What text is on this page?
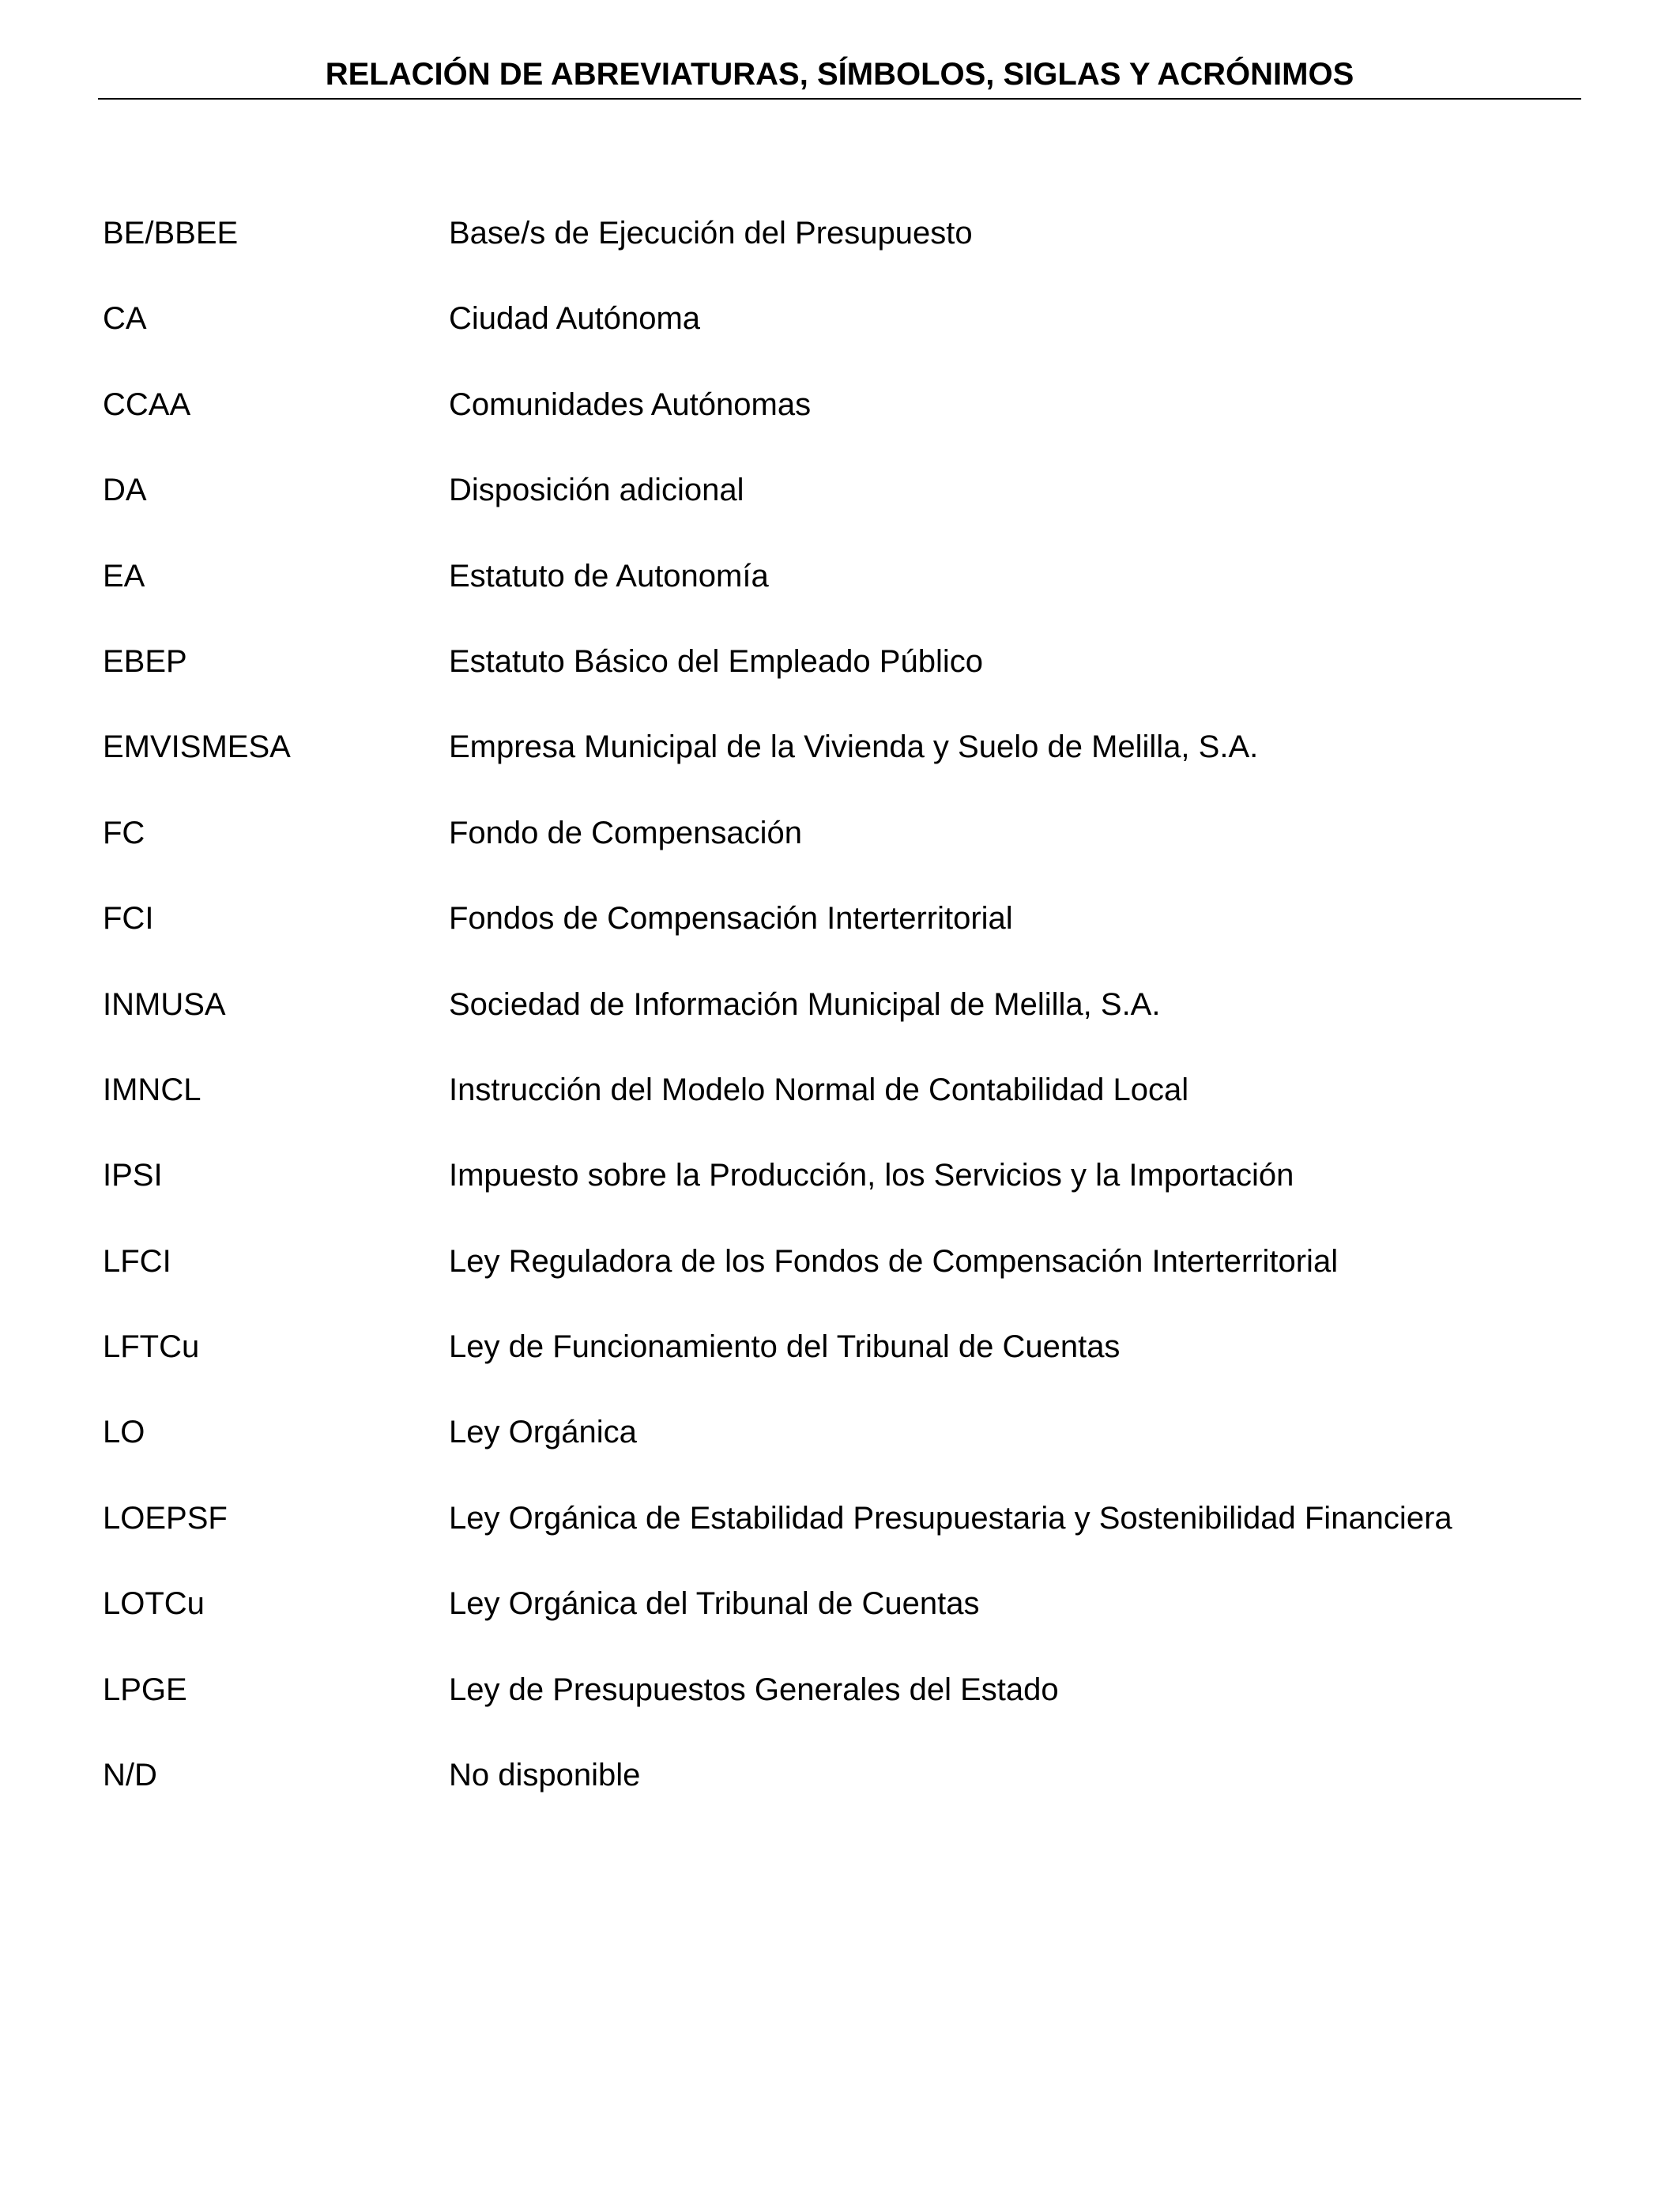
RELACIÓN DE ABREVIATURAS, SÍMBOLOS, SIGLAS Y ACRÓNIMOS
BE/BBEE	Base/s de Ejecución del Presupuesto
CA	Ciudad Autónoma
CCAA	Comunidades Autónomas
DA	Disposición adicional
EA	Estatuto de Autonomía
EBEP	Estatuto Básico del Empleado Público
EMVISMESA	Empresa Municipal de la Vivienda y Suelo de Melilla, S.A.
FC	Fondo de Compensación
FCI	Fondos de Compensación Interterritorial
INMUSA	Sociedad de Información Municipal de Melilla, S.A.
IMNCL	Instrucción del Modelo Normal de Contabilidad Local
IPSI	Impuesto sobre la Producción, los Servicios y la Importación
LFCI	Ley Reguladora de los Fondos de Compensación Interterritorial
LFTCu	Ley de Funcionamiento del Tribunal de Cuentas
LO	Ley Orgánica
LOEPSF	Ley Orgánica de Estabilidad Presupuestaria y Sostenibilidad Financiera
LOTCu	Ley Orgánica del Tribunal de Cuentas
LPGE	Ley de Presupuestos Generales del Estado
N/D	No disponible
